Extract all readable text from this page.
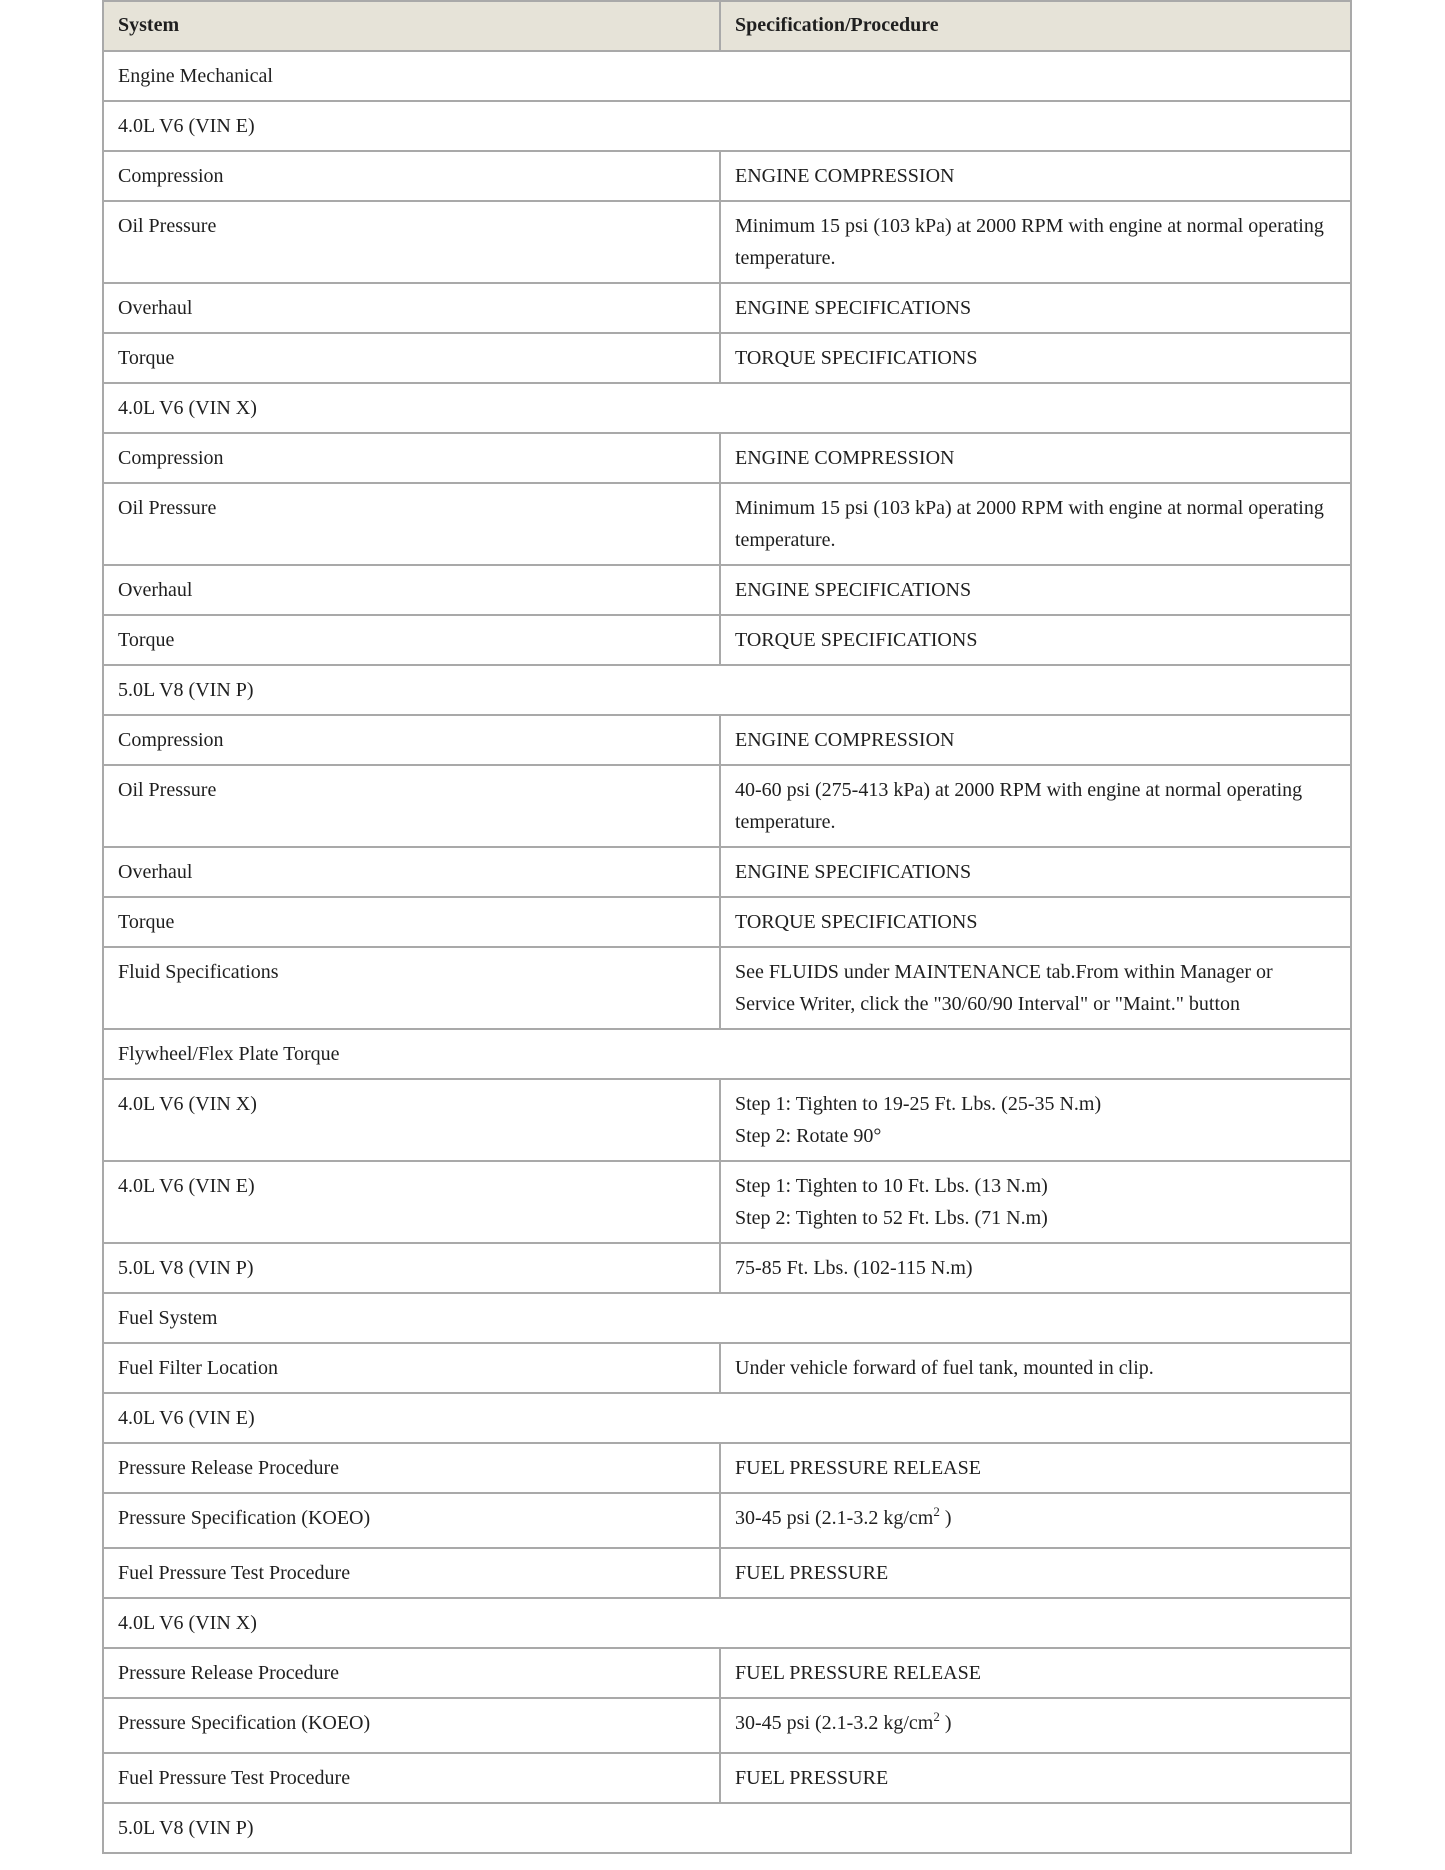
System	Specification/Procedure
Engine Mechanical	
4.0L V6 (VIN E)	
Compression	ENGINE COMPRESSION
Oil Pressure	Minimum 15 psi (103 kPa) at 2000 RPM with engine at normal operating temperature.
Overhaul	ENGINE SPECIFICATIONS
Torque	TORQUE SPECIFICATIONS
4.0L V6 (VIN X)	
Compression	ENGINE COMPRESSION
Oil Pressure	Minimum 15 psi (103 kPa) at 2000 RPM with engine at normal operating temperature.
Overhaul	ENGINE SPECIFICATIONS
Torque	TORQUE SPECIFICATIONS
5.0L V8 (VIN P)	
Compression	ENGINE COMPRESSION
Oil Pressure	40-60 psi (275-413 kPa) at 2000 RPM with engine at normal operating temperature.
Overhaul	ENGINE SPECIFICATIONS
Torque	TORQUE SPECIFICATIONS
Fluid Specifications	See FLUIDS under MAINTENANCE tab.From within Manager or Service Writer, click the "30/60/90 Interval" or "Maint." button
Flywheel/Flex Plate Torque	
4.0L V6 (VIN X)	Step 1: Tighten to 19-25 Ft. Lbs. (25-35 N.m)
Step 2: Rotate 90°

4.0L V6 (VIN E)	Step 1: Tighten to 10 Ft. Lbs. (13 N.m)
Step 2: Tighten to 52 Ft. Lbs. (71 N.m)

5.0L V8 (VIN P)	75-85 Ft. Lbs. (102-115 N.m)
Fuel System	
Fuel Filter Location	Under vehicle forward of fuel tank, mounted in clip.
4.0L V6 (VIN E)	
Pressure Release Procedure	FUEL PRESSURE RELEASE
Pressure Specification (KOEO)	30-45 psi (2.1-3.2 $kg/cm^2$ )
Fuel Pressure Test Procedure	FUEL PRESSURE
4.0L V6 (VIN X)	
Pressure Release Procedure	FUEL PRESSURE RELEASE
Pressure Specification (KOEO)	30-45 psi (2.1-3.2 $kg/cm^2$ )
Fuel Pressure Test Procedure	FUEL PRESSURE
5.0L V8 (VIN P)	
